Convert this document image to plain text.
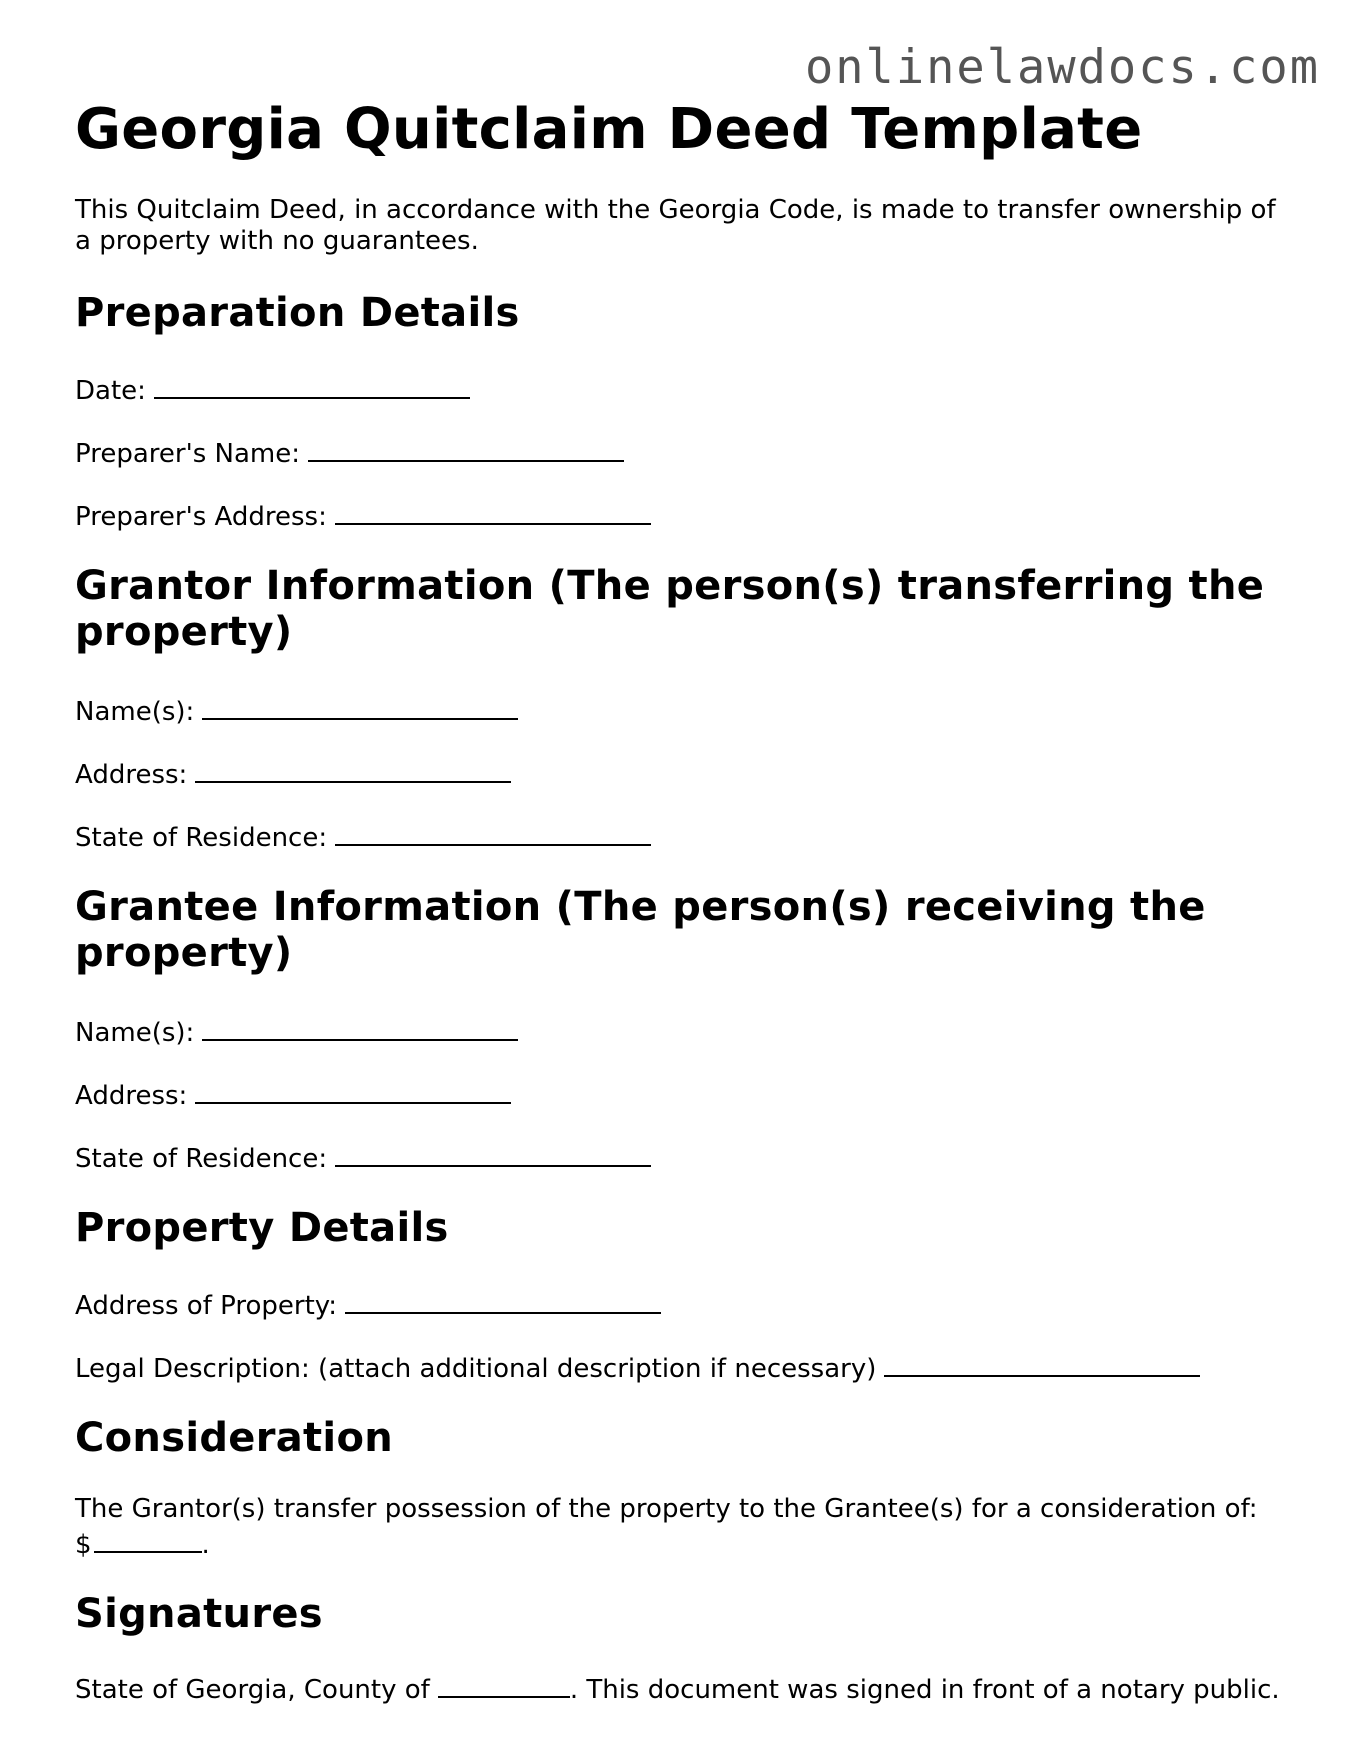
onlinelawdocs.com
Georgia Quitclaim Deed Template

This Quitclaim Deed, in accordance with the Georgia Code, is made to transfer ownership of a property with no guarantees.

Preparation Details

Date:

Preparer's Name:

Preparer's Address:

Grantor Information (The person(s) transferring the property)

Name(s):

Address:

State of Residence:

Grantee Information (The person(s) receiving the property)

Name(s):

Address:

State of Residence:

Property Details

Address of Property:

Legal Description: (attach additional description if necessary)

Consideration

The Grantor(s) transfer possession of the property to the Grantee(s) for a consideration of:
$	.

Signatures

State of Georgia, County of	. This document was signed in front of a notary public.
